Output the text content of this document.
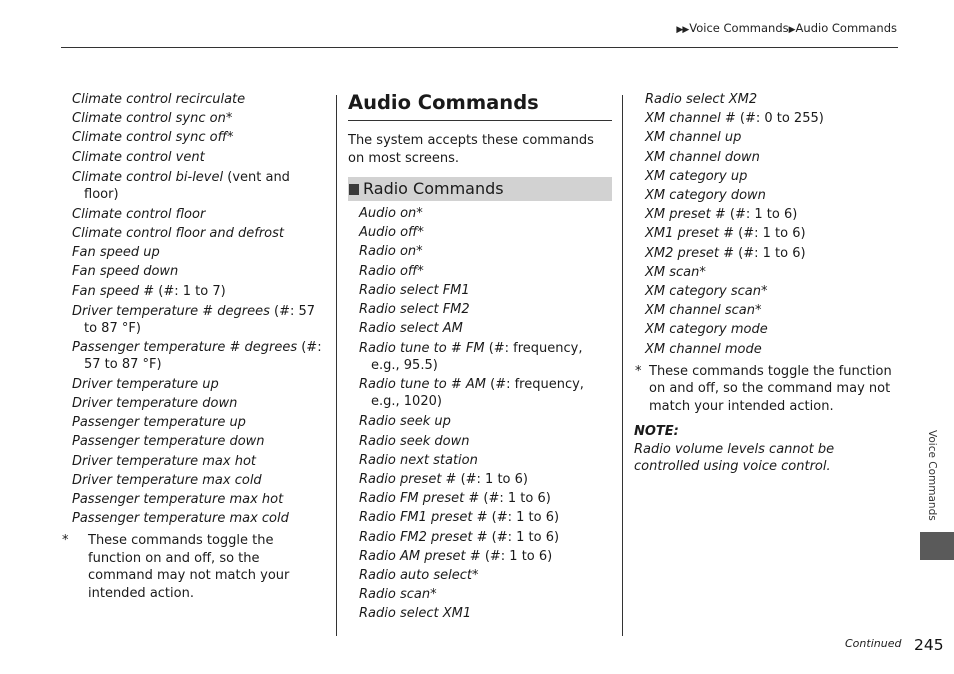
▶▶Voice Commands▶Audio Commands

Climate control recirculate

Climate control sync on*

Climate control sync off*

Climate control vent

Climate control bi-level (vent and floor)

Climate control floor

Climate control floor and defrost

Fan speed up

Fan speed down

Fan speed # (#: 1 to 7)

Driver temperature # degrees (#: 57 to 87 °F)

Passenger temperature # degrees (#: 57 to 87 °F)

Driver temperature up

Driver temperature down

Passenger temperature up

Passenger temperature down

Driver temperature max hot

Driver temperature max cold

Passenger temperature max hot

Passenger temperature max cold

* These commands toggle the function on and off, so the command may not match your intended action.
Audio Commands

The system accepts these commands on most screens.

Radio Commands

Audio on*

Audio off*

Radio on*

Radio off*

Radio select FM1

Radio select FM2

Radio select AM

Radio tune to # FM (#: frequency, e.g., 95.5)

Radio tune to # AM (#: frequency, e.g., 1020)

Radio seek up

Radio seek down

Radio next station

Radio preset # (#: 1 to 6)

Radio FM preset # (#: 1 to 6)

Radio FM1 preset # (#: 1 to 6)

Radio FM2 preset # (#: 1 to 6)

Radio AM preset # (#: 1 to 6)

Radio auto select*

Radio scan*

Radio select XM1

Radio select XM2

XM channel # (#: 0 to 255)

XM channel up

XM channel down

XM category up

XM category down

XM preset # (#: 1 to 6)

XM1 preset # (#: 1 to 6)

XM2 preset # (#: 1 to 6)

XM scan*

XM category scan*

XM channel scan*

XM category mode

XM channel mode

* These commands toggle the function on and off, so the command may not match your intended action.
NOTE:
Radio volume levels cannot be controlled using voice control.	Voice Commands
Continued 245
